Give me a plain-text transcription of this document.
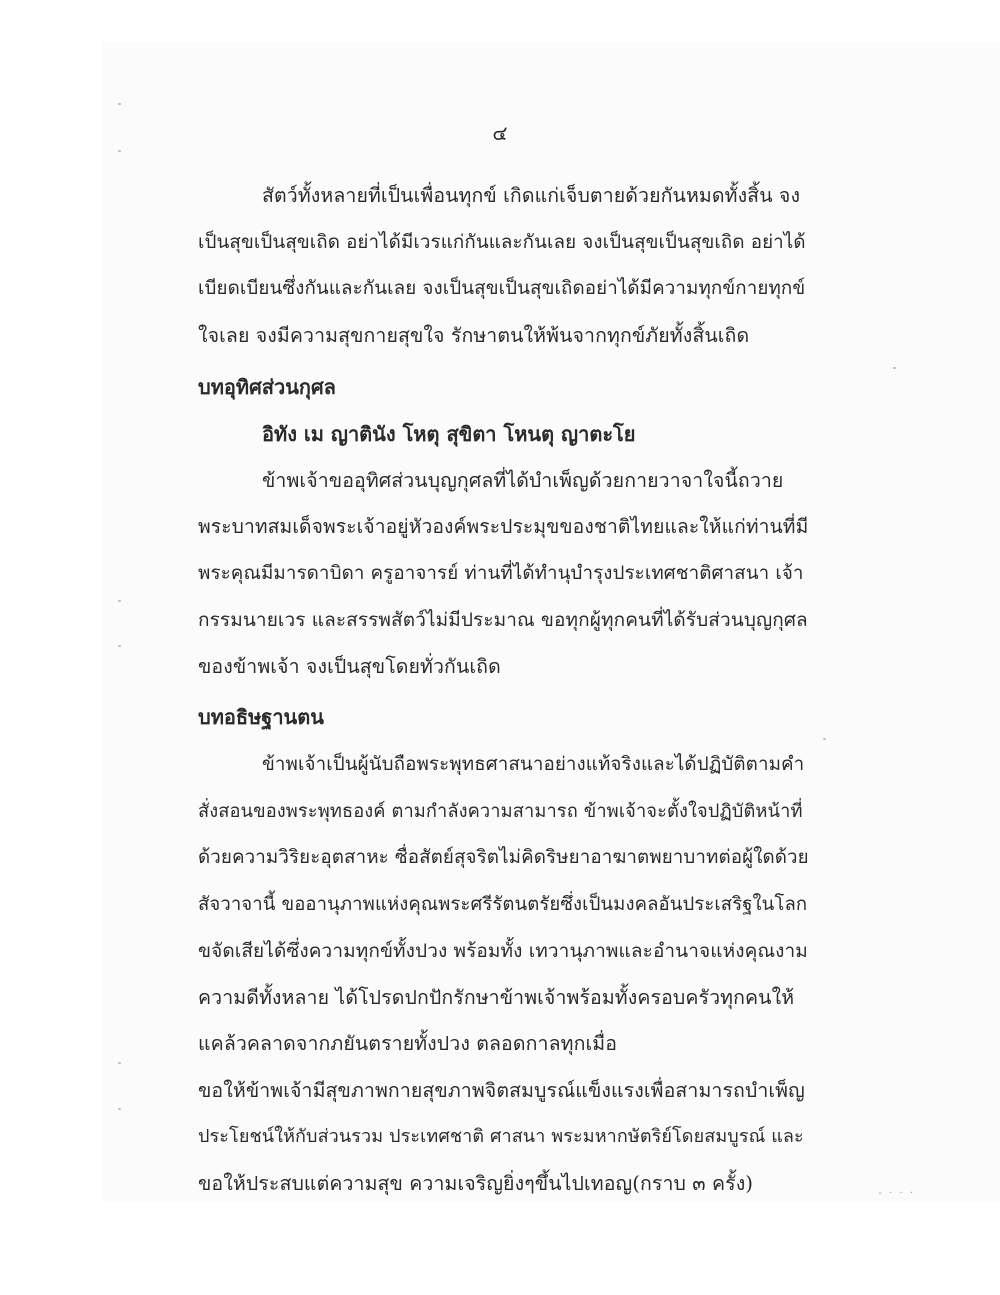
๔

สัตว์ทั้งหลายที่เป็นเพื่อนทุกข์ เกิดแก่เจ็บตายด้วยกันหมดทั้งสิ้น จง

เป็นสุขเป็นสุขเถิด อย่าได้มีเวรแก่กันและกันเลย จงเป็นสุขเป็นสุขเถิด อย่าได้

เบียดเบียนซึ่งกันและกันเลย จงเป็นสุขเป็นสุขเถิดอย่าได้มีความทุกข์กายทุกข์

ใจเลย จงมีความสุขกายสุขใจ รักษาตนให้พ้นจากทุกข์ภัยทั้งสิ้นเถิด

บทอุทิศส่วนกุศล

อิทัง เม ญาตินัง โหตุ สุขิตา โหนตุ ญาตะโย

ข้าพเจ้าขออุทิศส่วนบุญกุศลที่ได้บำเพ็ญด้วยกายวาจาใจนี้ถวาย

พระบาทสมเด็จพระเจ้าอยู่หัวองค์พระประมุขของชาติไทยและให้แก่ท่านที่มี

พระคุณมีมารดาบิดา ครูอาจารย์ ท่านที่ได้ทำนุบำรุงประเทศชาติศาสนา เจ้า

กรรมนายเวร และสรรพสัตว์ไม่มีประมาณ ขอทุกผู้ทุกคนที่ได้รับส่วนบุญกุศล

ของข้าพเจ้า จงเป็นสุขโดยทั่วกันเถิด

บทอธิษฐานตน

ข้าพเจ้าเป็นผู้นับถือพระพุทธศาสนาอย่างแท้จริงและได้ปฏิบัติตามคำ

สั่งสอนของพระพุทธองค์ ตามกำลังความสามารถ ข้าพเจ้าจะตั้งใจปฏิบัติหน้าที่

ด้วยความวิริยะอุตสาหะ ซื่อสัตย์สุจริตไม่คิดริษยาอาฆาตพยาบาทต่อผู้ใดด้วย

สัจวาจานี้ ขออานุภาพแห่งคุณพระศรีรัตนตรัยซึ่งเป็นมงคลอันประเสริฐในโลก

ขจัดเสียได้ซึ่งความทุกข์ทั้งปวง พร้อมทั้ง เทวานุภาพและอำนาจแห่งคุณงาม

ความดีทั้งหลาย ได้โปรดปกปักรักษาข้าพเจ้าพร้อมทั้งครอบครัวทุกคนให้

แคล้วคลาดจากภยันตรายทั้งปวง ตลอดกาลทุกเมื่อ

ขอให้ข้าพเจ้ามีสุขภาพกายสุขภาพจิตสมบูรณ์แข็งแรงเพื่อสามารถบำเพ็ญ

ประโยชน์ให้กับส่วนรวม ประเทศชาติ ศาสนา พระมหากษัตริย์โดยสมบูรณ์ และ

ขอให้ประสบแต่ความสุข ความเจริญยิ่งๆขึ้นไปเทอญ(กราบ ๓ ครั้ง)	- · · ·
